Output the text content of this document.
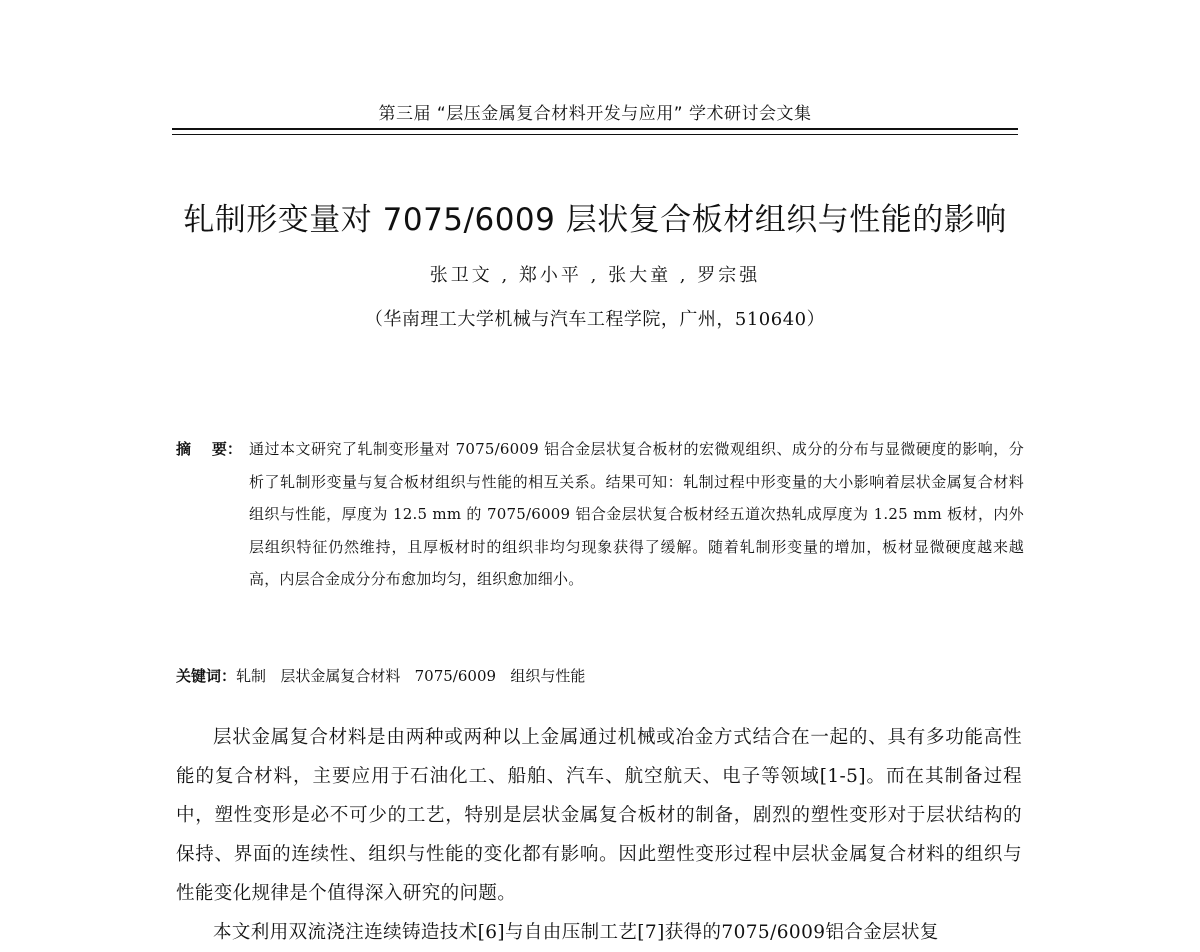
第三届 “层压金属复合材料开发与应用” 学术研讨会文集
轧制形变量对 7075/6009 层状复合板材组织与性能的影响
张卫文 , 郑小平 , 张大童 , 罗宗强
（华南理工大学机械与汽车工程学院，广州，510640）
摘    要： 通过本文研究了轧制变形量对 7075/6009 铝合金层状复合板材的宏微观组织、成分的分布与显微硬度的影响，分析了轧制形变量与复合板材组织与性能的相互关系。结果可知：轧制过程中形变量的大小影响着层状金属复合材料组织与性能，厚度为 12.5 mm 的 7075/6009 铝合金层状复合板材经五道次热轧成厚度为 1.25 mm 板材，内外层组织特征仍然维持，且厚板材时的组织非均匀现象获得了缓解。随着轧制形变量的增加，板材显微硬度越来越高，内层合金成分分布愈加均匀，组织愈加细小。
关键词：轧制   层状金属复合材料   7075/6009   组织与性能

层状金属复合材料是由两种或两种以上金属通过机械或冶金方式结合在一起的、具有多功能高性能的复合材料，主要应用于石油化工、船舶、汽车、航空航天、电子等领域[1-5]。而在其制备过程中，塑性变形是必不可少的工艺，特别是层状金属复合板材的制备，剧烈的塑性变形对于层状结构的保持、界面的连续性、组织与性能的变化都有影响。因此塑性变形过程中层状金属复合材料的组织与性能变化规律是个值得深入研究的问题。

本文利用双流浇注连续铸造技术[6]与自由压制工艺[7]获得的7075/6009铝合金层状复
